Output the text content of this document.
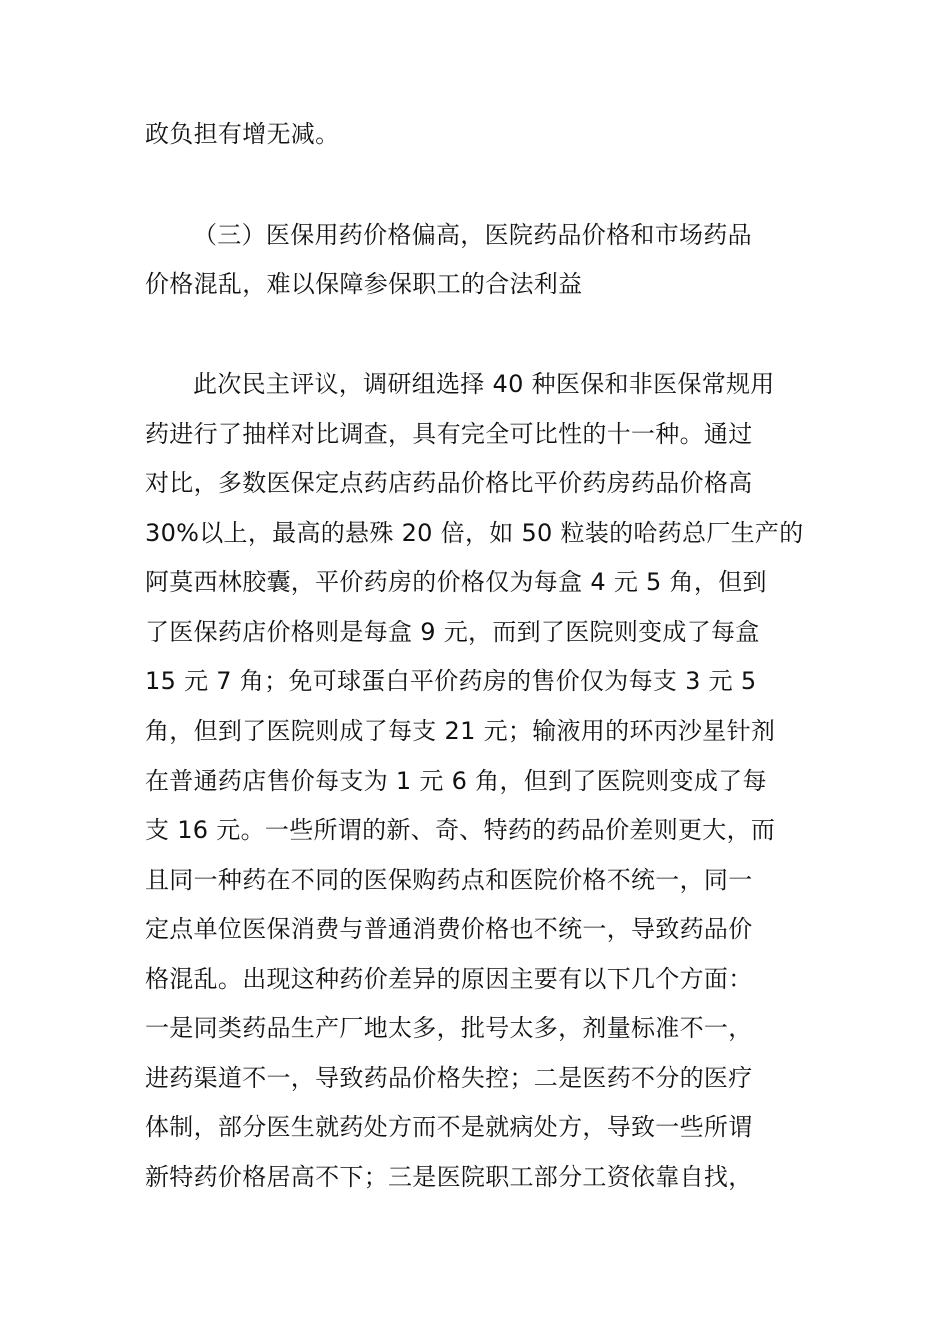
政负担有增无减。
（三）医保用药价格偏高，医院药品价格和市场药品
价格混乱，难以保障参保职工的合法利益
此次民主评议，调研组选择 40 种医保和非医保常规用
药进行了抽样对比调查，具有完全可比性的十一种。通过
对比，多数医保定点药店药品价格比平价药房药品价格高
30%以上，最高的悬殊 20 倍，如 50 粒装的哈药总厂生产的
阿莫西林胶囊，平价药房的价格仅为每盒 4 元 5 角，但到
了医保药店价格则是每盒 9 元，而到了医院则变成了每盒
15 元 7 角；免可球蛋白平价药房的售价仅为每支 3 元 5
角，但到了医院则成了每支 21 元；输液用的环丙沙星针剂
在普通药店售价每支为 1 元 6 角，但到了医院则变成了每
支 16 元。一些所谓的新、奇、特药的药品价差则更大，而
且同一种药在不同的医保购药点和医院价格不统一，同一
定点单位医保消费与普通消费价格也不统一，导致药品价
格混乱。出现这种药价差异的原因主要有以下几个方面：
一是同类药品生产厂地太多，批号太多，剂量标准不一，
进药渠道不一，导致药品价格失控；二是医药不分的医疗
体制，部分医生就药处方而不是就病处方，导致一些所谓
新特药价格居高不下；三是医院职工部分工资依靠自找，
